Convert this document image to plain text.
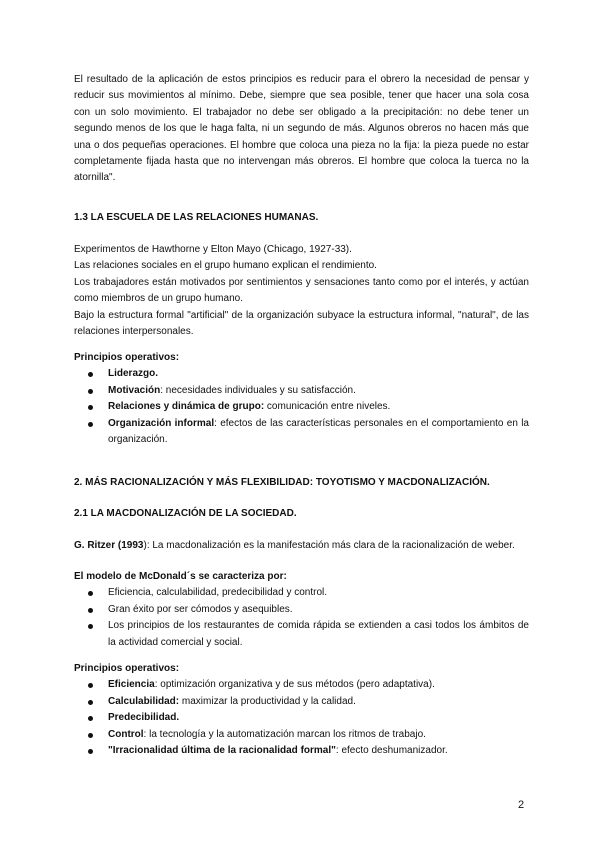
El resultado de la aplicación de estos principios es reducir para el obrero la necesidad de pensar y reducir sus movimientos al mínimo. Debe, siempre que sea posible, tener que hacer una sola cosa con un solo movimiento. El trabajador no debe ser obligado a la precipitación: no debe tener un segundo menos de los que le haga falta, ni un segundo de más. Algunos obreros no hacen más que una o dos pequeñas operaciones. El hombre que coloca una pieza no la fija: la pieza puede no estar completamente fijada hasta que no intervengan más obreros. El hombre que coloca la tuerca no la atornilla".

1.3 LA ESCUELA DE LAS RELACIONES HUMANAS.

Experimentos de Hawthorne y Elton Mayo (Chicago, 1927-33).

Las relaciones sociales en el grupo humano explican el rendimiento.

Los trabajadores están motivados por sentimientos y sensaciones tanto como por el interés, y actúan como miembros de un grupo humano.

Bajo la estructura formal "artificial" de la organización subyace la estructura informal, "natural", de las relaciones interpersonales.

Principios operativos:

Liderazgo.
Motivación: necesidades individuales y su satisfacción.
Relaciones y dinámica de grupo: comunicación entre niveles.
Organización informal: efectos de las características personales en el comportamiento en la organización.

2. MÁS RACIONALIZACIÓN Y MÁS FLEXIBILIDAD: TOYOTISMO Y MACDONALIZACIÓN.

2.1 LA MACDONALIZACIÓN DE LA SOCIEDAD.

G. Ritzer (1993): La macdonalización es la manifestación más clara de la racionalización de weber.

El modelo de McDonald´s se caracteriza por:

Eficiencia, calculabilidad, predecibilidad y control.
Gran éxito por ser cómodos y asequibles.
Los principios de los restaurantes de comida rápida se extienden a casi todos los ámbitos de la actividad comercial y social.

Principios operativos:

Eficiencia: optimización organizativa y de sus métodos (pero adaptativa).
Calculabilidad: maximizar la productividad y la calidad.
Predecibilidad.
Control: la tecnología y la automatización marcan los ritmos de trabajo.
"Irracionalidad última de la racionalidad formal": efecto deshumanizador.
2
